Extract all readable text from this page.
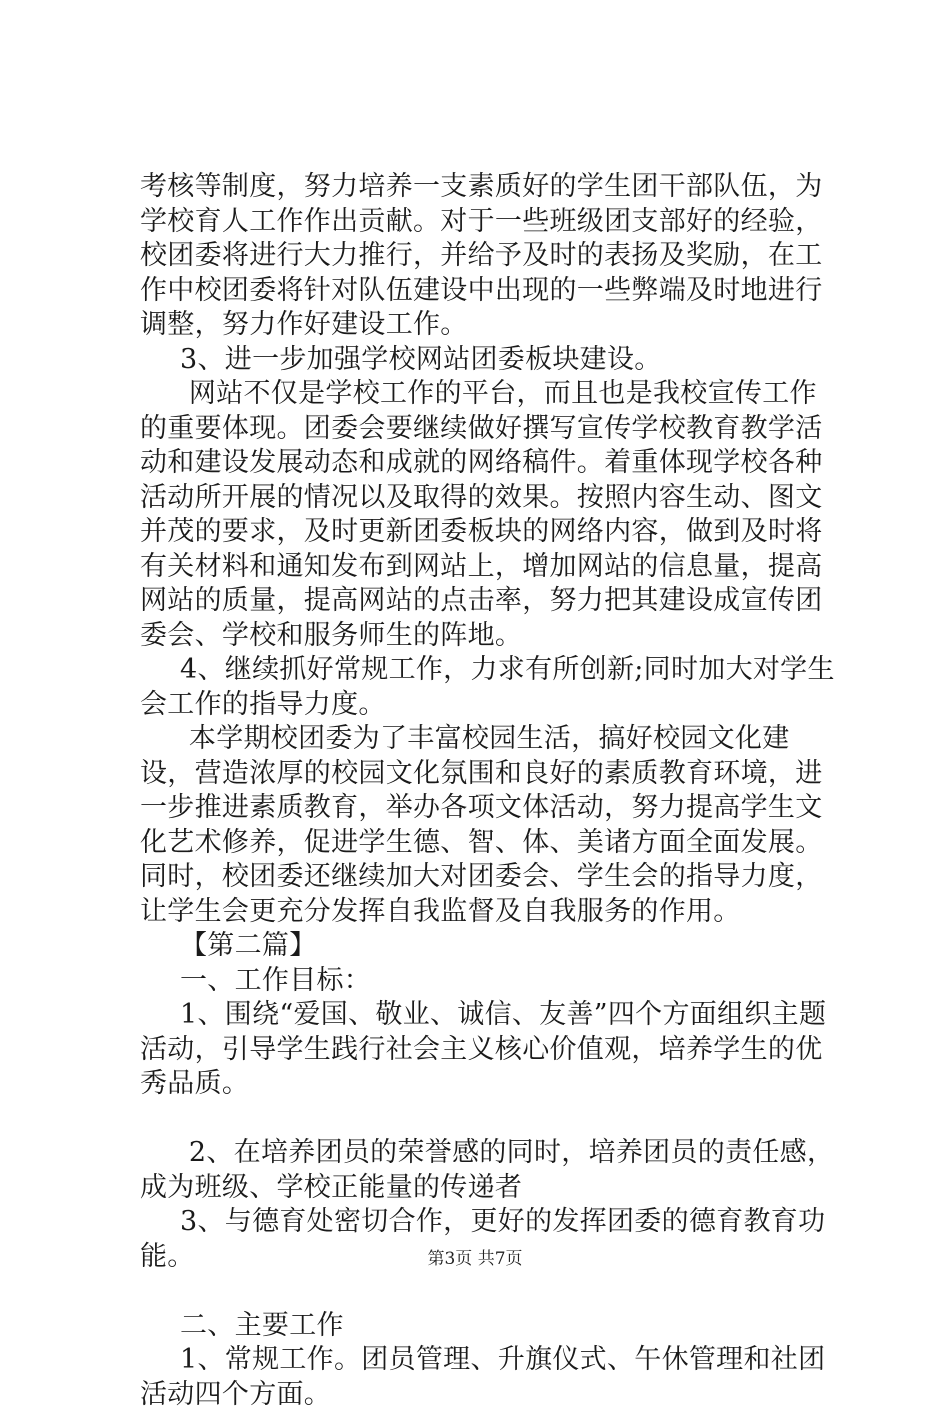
考核等制度，努力培养一支素质好的学生团干部队伍，为学校育人工作作出贡献。对于一些班级团支部好的经验，校团委将进行大力推行，并给予及时的表扬及奖励，在工作中校团委将针对队伍建设中出现的一些弊端及时地进行调整，努力作好建设工作。

3、进一步加强学校网站团委板块建设。

网站不仅是学校工作的平台，而且也是我校宣传工作的重要体现。团委会要继续做好撰写宣传学校教育教学活动和建设发展动态和成就的网络稿件。着重体现学校各种活动所开展的情况以及取得的效果。按照内容生动、图文并茂的要求，及时更新团委板块的网络内容，做到及时将有关材料和通知发布到网站上，增加网站的信息量，提高网站的质量，提高网站的点击率，努力把其建设成宣传团委会、学校和服务师生的阵地。

4、继续抓好常规工作，力求有所创新;同时加大对学生会工作的指导力度。

本学期校团委为了丰富校园生活，搞好校园文化建设，营造浓厚的校园文化氛围和良好的素质教育环境，进一步推进素质教育，举办各项文体活动，努力提高学生文化艺术修养，促进学生德、智、体、美诸方面全面发展。同时，校团委还继续加大对团委会、学生会的指导力度，让学生会更充分发挥自我监督及自我服务的作用。

【第二篇】

一、工作目标：

1、围绕“爱国、敬业、诚信、友善”四个方面组织主题活动，引导学生践行社会主义核心价值观，培养学生的优秀品质。

2、在培养团员的荣誉感的同时，培养团员的责任感，成为班级、学校正能量的传递者

3、与德育处密切合作，更好的发挥团委的德育教育功能。

二、主要工作

1、常规工作。团员管理、升旗仪式、午休管理和社团活动四个方面。

第3页 共7页
